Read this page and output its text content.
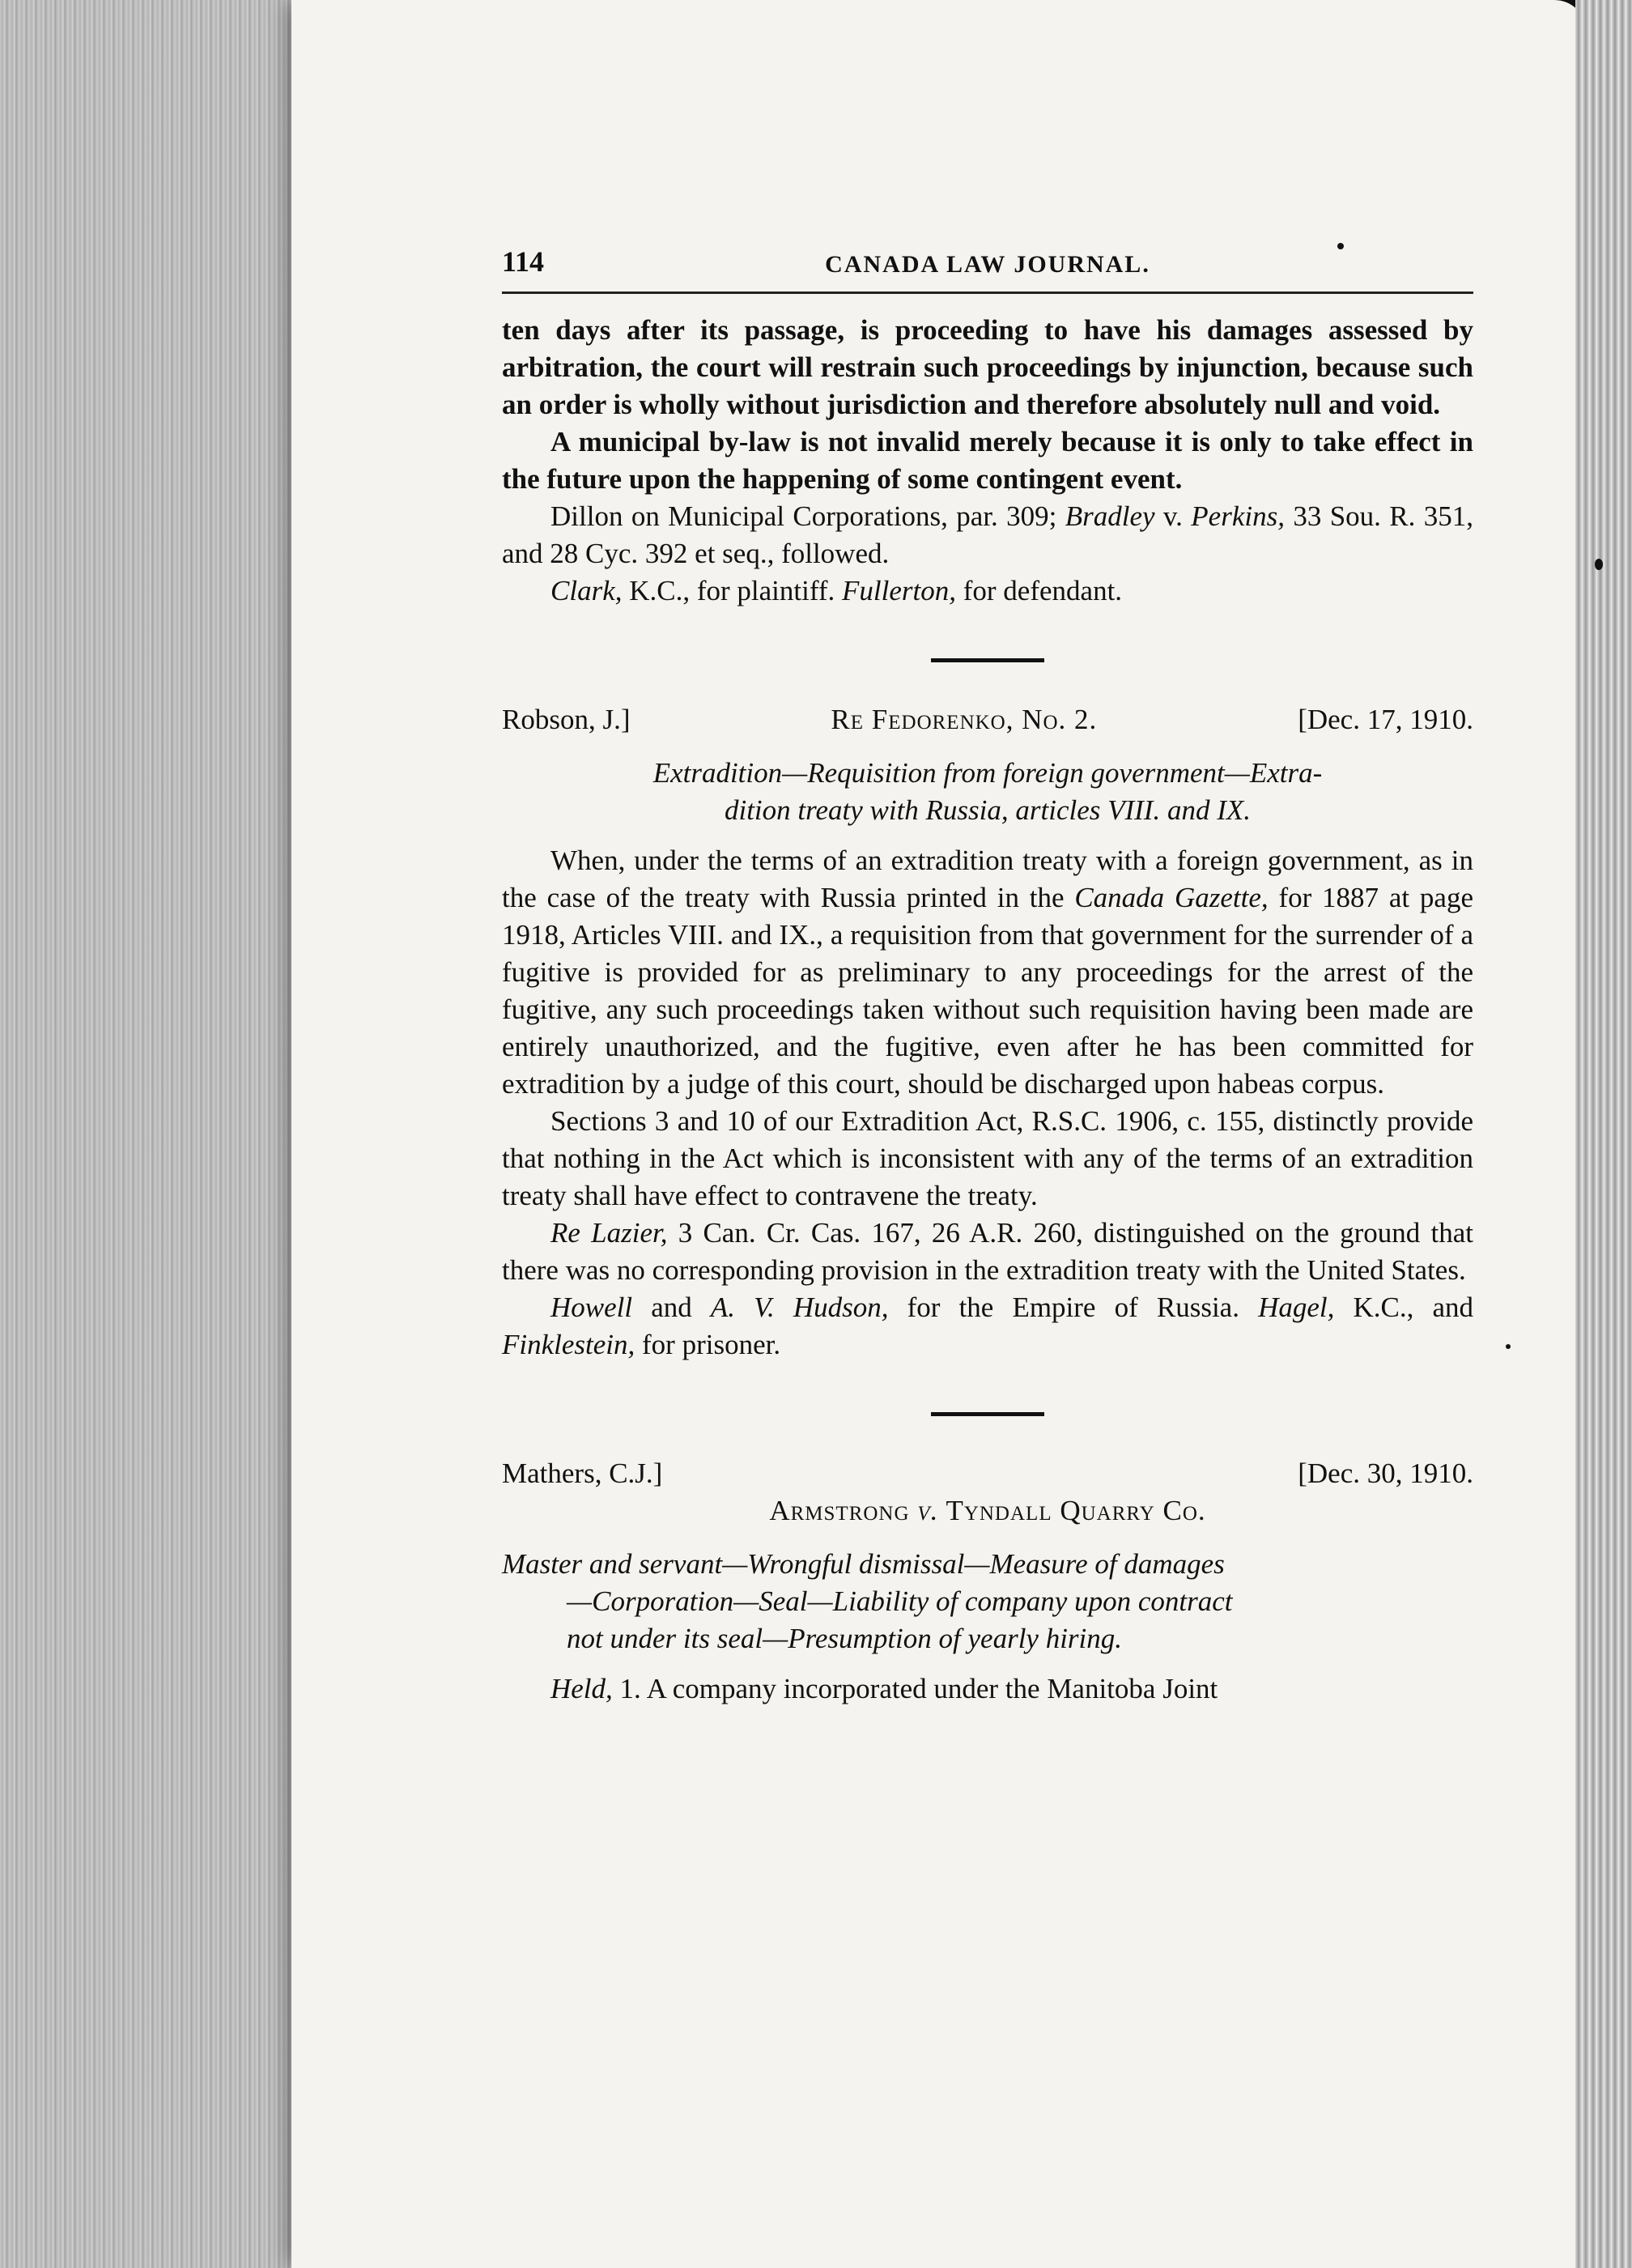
114	CANADA LAW JOURNAL.

ten days after its passage, is proceeding to have his damages assessed by arbitration, the court will restrain such proceedings by injunction, because such an order is wholly without jurisdiction and therefore absolutely null and void.

A municipal by-law is not invalid merely because it is only to take effect in the future upon the happening of some contingent event.

Dillon on Municipal Corporations, par. 309; Bradley v. Perkins, 33 Sou. R. 351, and 28 Cyc. 392 et seq., followed.

Clark, K.C., for plaintiff. Fullerton, for defendant.

Robson, J.]	Re Fedorenko, No. 2.	[Dec. 17, 1910.
Extradition—Requisition from foreign government—Extra-
dition treaty with Russia, articles VIII. and IX.

When, under the terms of an extradition treaty with a foreign government, as in the case of the treaty with Russia printed in the Canada Gazette, for 1887 at page 1918, Articles VIII. and IX., a requisition from that government for the surrender of a fugitive is provided for as preliminary to any proceedings for the arrest of the fugitive, any such proceedings taken without such requisition having been made are entirely unauthorized, and the fugitive, even after he has been committed for extradition by a judge of this court, should be discharged upon habeas corpus.

Sections 3 and 10 of our Extradition Act, R.S.C. 1906, c. 155, distinctly provide that nothing in the Act which is inconsistent with any of the terms of an extradition treaty shall have effect to contravene the treaty.

Re Lazier, 3 Can. Cr. Cas. 167, 26 A.R. 260, distinguished on the ground that there was no corresponding provision in the extradition treaty with the United States.

Howell and A. V. Hudson, for the Empire of Russia. Hagel, K.C., and Finklestein, for prisoner.

Mathers, C.J.]	[Dec. 30, 1910.
Armstrong v. Tyndall Quarry Co.
Master and servant—Wrongful dismissal—Measure of damages
—Corporation—Seal—Liability of company upon contract
not under its seal—Presumption of yearly hiring.

Held, 1. A company incorporated under the Manitoba Joint
